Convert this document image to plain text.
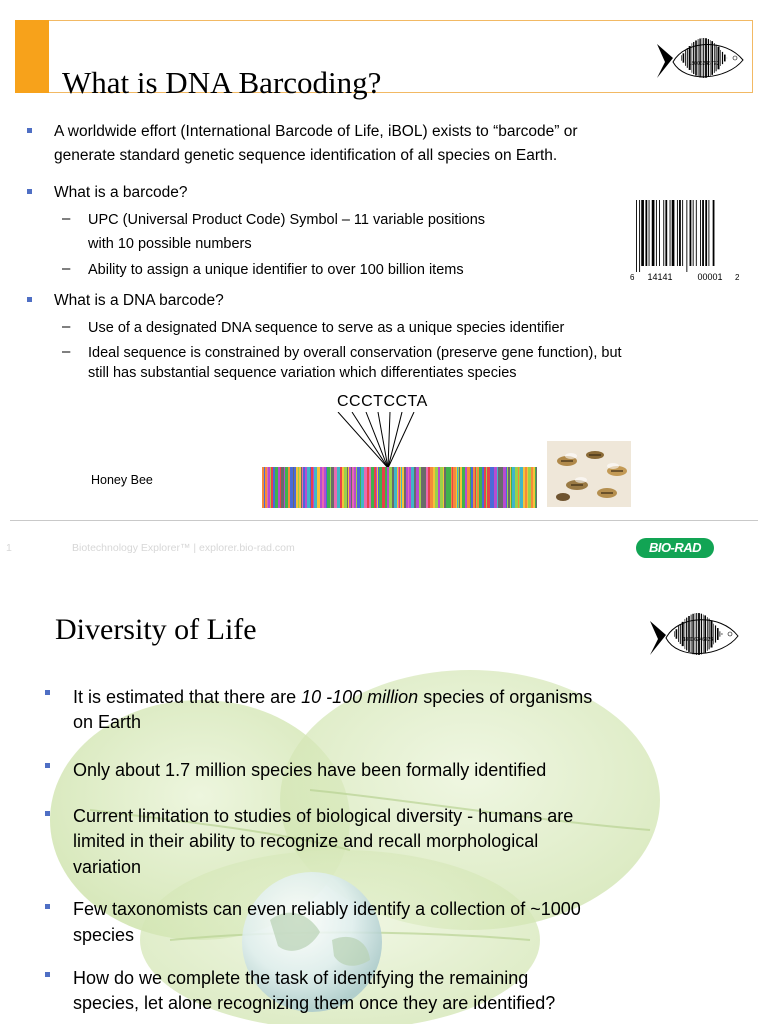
What is DNA Barcoding?
18006246723
A worldwide effort (International Barcode of Life, iBOL) exists to “barcode” or
generate standard genetic sequence identification of all species on Earth.
What is a barcode?
– UPC (Universal Product Code) Symbol – 11 variable positions
with 10 possible numbers
– Ability to assign a unique identifier to over 100 billion items
What is a DNA barcode?
– Use of a designated DNA sequence to serve as a unique species identifier
– Ideal sequence is constrained by overall conservation (preserve gene function), but
still has substantial sequence variation which differentiates species
6 14141	00001 2
CCCTCCTA
Honey Bee
1	Biotechnology Explorer™ | explorer.bio-rad.com	BIO-RAD
Diversity of Life	18006246723
It is estimated that there are 10 -100 million species of organisms
on Earth
Only about 1.7 million species have been formally identified
Current limitation to studies of biological diversity - humans are
limited in their ability to recognize and recall morphological
variation
Few taxonomists can even reliably identify a collection of ~1000
species
How do we complete the task of identifying the remaining
species, let alone recognizing them once they are identified?
